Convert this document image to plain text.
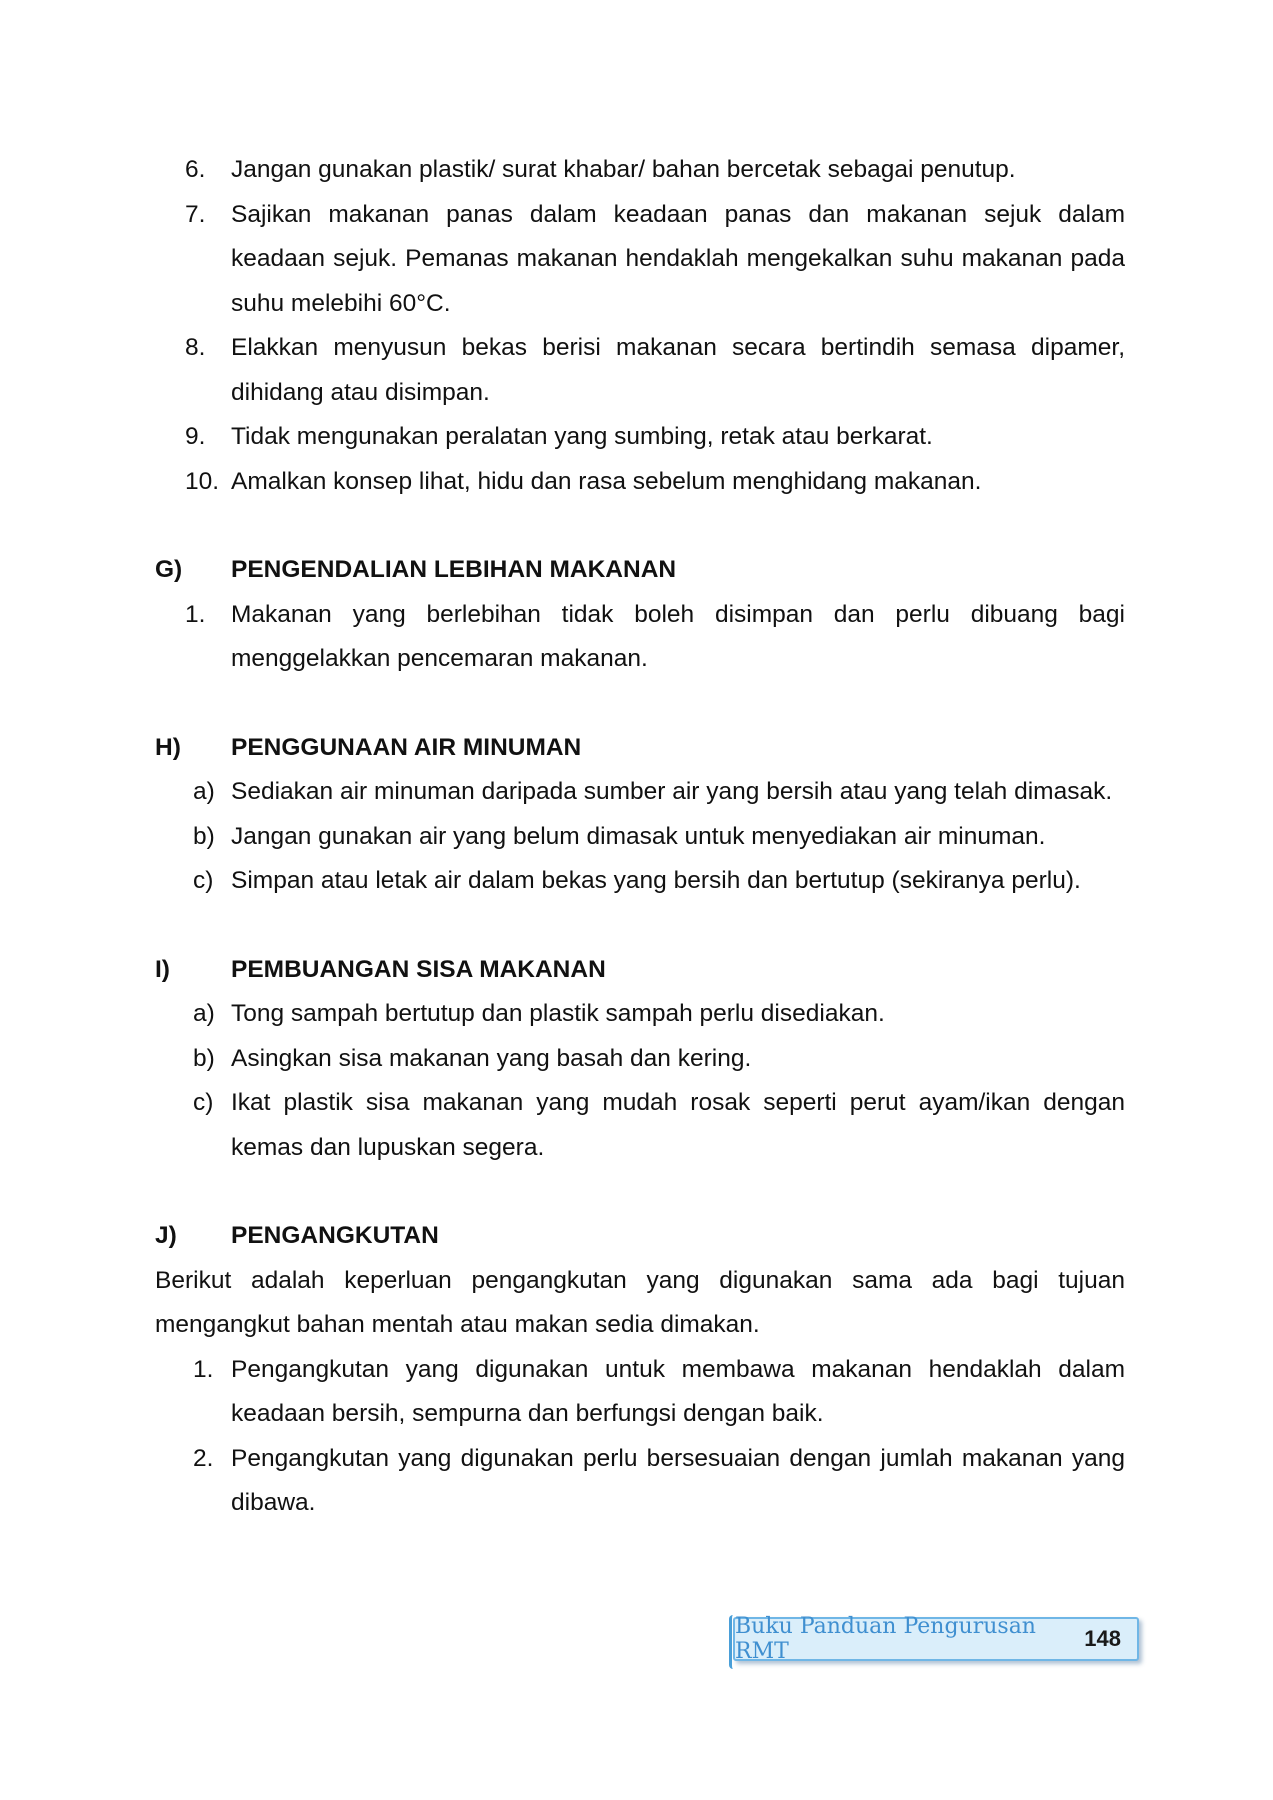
6.	Jangan gunakan plastik/ surat khabar/ bahan bercetak sebagai penutup.
7.	Sajikan makanan panas dalam keadaan panas dan makanan sejuk dalam keadaan sejuk. Pemanas makanan hendaklah mengekalkan suhu makanan pada suhu melebihi 60°C.
8.	Elakkan menyusun bekas berisi makanan secara bertindih semasa dipamer, dihidang atau disimpan.
9.	Tidak mengunakan peralatan yang sumbing, retak atau berkarat.
10. Amalkan konsep lihat, hidu dan rasa sebelum menghidang makanan.
G)	PENGENDALIAN LEBIHAN MAKANAN
1.	Makanan yang berlebihan tidak boleh disimpan dan perlu dibuang bagi menggelakkan pencemaran makanan.
H)	PENGGUNAAN AIR MINUMAN
a) Sediakan air minuman daripada sumber air yang bersih atau yang telah dimasak.
b) Jangan gunakan air yang belum dimasak untuk menyediakan air minuman.
c) Simpan atau letak air dalam bekas yang bersih dan bertutup (sekiranya perlu).
I)	PEMBUANGAN SISA MAKANAN
a) Tong sampah bertutup dan plastik sampah perlu disediakan.
b) Asingkan sisa makanan yang basah dan kering.
c) Ikat plastik sisa makanan yang mudah rosak seperti perut ayam/ikan dengan kemas dan lupuskan segera.
J)	PENGANGKUTAN
Berikut adalah keperluan pengangkutan yang digunakan sama ada bagi tujuan mengangkut bahan mentah atau makan sedia dimakan.
1. Pengangkutan yang digunakan untuk membawa makanan hendaklah dalam keadaan bersih, sempurna dan berfungsi dengan baik.
2. Pengangkutan yang digunakan perlu bersesuaian dengan jumlah makanan yang dibawa.
Buku Panduan Pengurusan RMT
148
